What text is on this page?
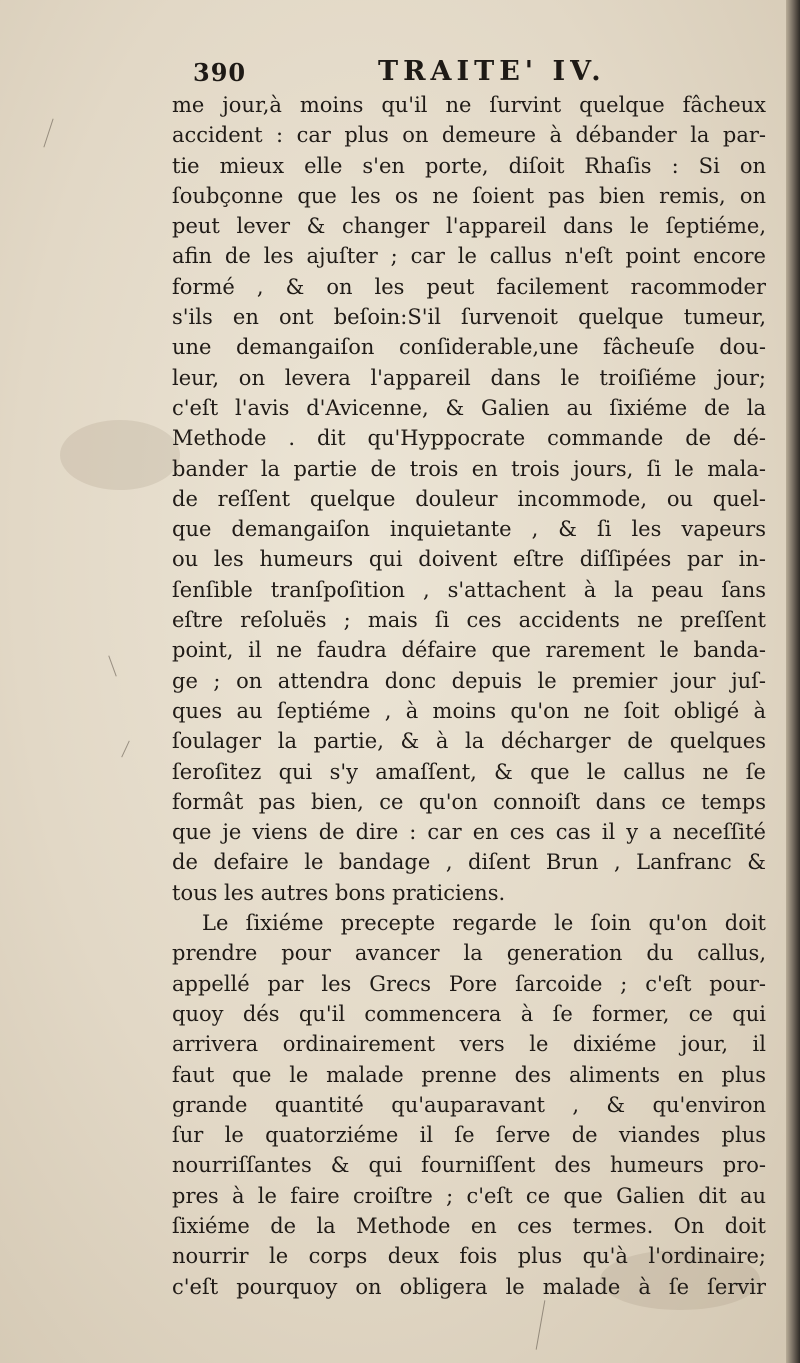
390	TRAITE' IV.
me jour,à moins qu'il ne ſurvint quelque fâcheux
accident : car plus on demeure à débander la par-
tie mieux elle s'en porte, diſoit Rhaſis : Si on
ſoubçonne que les os ne ſoient pas bien remis, on
peut lever & changer l'appareil dans le ſeptiéme,
afin de les ajuſter ; car le callus n'eſt point encore
formé , & on les peut facilement racommoder
s'ils en ont beſoin:S'il ſurvenoit quelque tumeur,
une demangaiſon conſiderable,une fâcheuſe dou-
leur, on levera l'appareil dans le troiſiéme jour;
c'eſt l'avis d'Avicenne, & Galien au ſixiéme de la
Methode . dit qu'Hyppocrate commande de dé-
bander la partie de trois en trois jours, ſi le mala-
de reſſent quelque douleur incommode, ou quel-
que demangaiſon inquietante , & ſi les vapeurs
ou les humeurs qui doivent eſtre diſſipées par in-
ſenſible tranſpoſition , s'attachent à la peau ſans
eſtre reſoluës ; mais ſi ces accidents ne preſſent
point, il ne faudra défaire que rarement le banda-
ge ; on attendra donc depuis le premier jour juſ-
ques au ſeptiéme , à moins qu'on ne ſoit obligé à
ſoulager la partie, & à la décharger de quelques
ſeroſitez qui s'y amaſſent, & que le callus ne ſe
formât pas bien, ce qu'on connoiſt dans ce temps
que je viens de dire : car en ces cas il y a neceſſité
de defaire le bandage , diſent Brun , Lanfranc &
tous les autres bons praticiens.
Le ſixiéme precepte regarde le ſoin qu'on doit
prendre pour avancer la generation du callus,
appellé par les Grecs Pore ſarcoide ; c'eſt pour-
quoy dés qu'il commencera à ſe former, ce qui
arrivera ordinairement vers le dixiéme jour, il
faut que le malade prenne des aliments en plus
grande quantité qu'auparavant , & qu'environ
ſur le quatorziéme il ſe ſerve de viandes plus
nourriſſantes & qui fourniſſent des humeurs pro-
pres à le faire croiſtre ; c'eſt ce que Galien dit au
ſixiéme de la Methode en ces termes. On doit
nourrir le corps deux fois plus qu'à l'ordinaire;
c'eſt pourquoy on obligera le malade à ſe ſervir
